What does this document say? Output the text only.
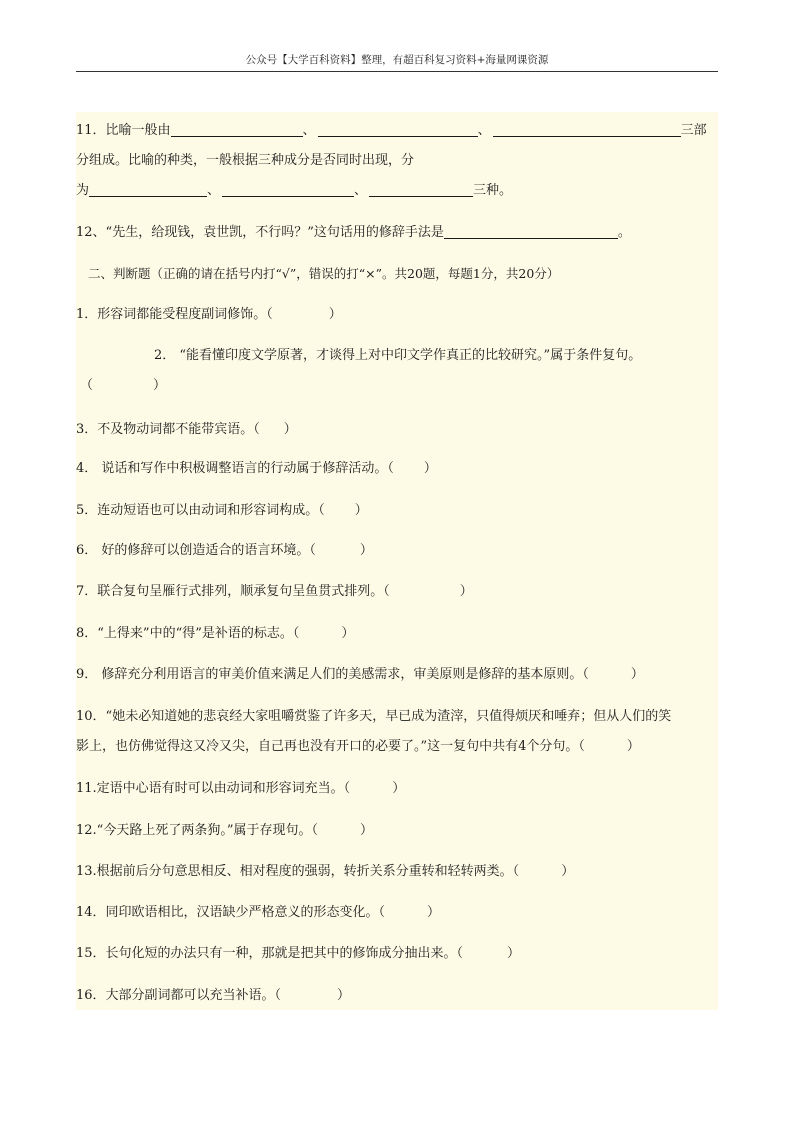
公众号【大学百科资料】整理，有超百科复习资料+海量网课资源
11．比喻一般由	、	、	三部
分组成。比喻的种类，一般根据三种成分是否同时出现，分
为	、	、	三种。
12、“先生，给现钱，袁世凯，不行吗？”这句话用的修辞手法是	。
二、判断题（正确的请在括号内打“√”，错误的打“×”。共20题，每题1分，共20分）
1．形容词都能受程度副词修饰。（	）
2． “能看懂印度文学原著，才谈得上对中印文学作真正的比较研究。”属于条件复句。
（	）
3．不及物动词都不能带宾语。（ ）
4． 说话和写作中积极调整语言的行动属于修辞活动。（ ）
5．连动短语也可以由动词和形容词构成。（ ）
6． 好的修辞可以创造适合的语言环境。（	）
7．联合复句呈雁行式排列，顺承复句呈鱼贯式排列。（	）
8．“上得来”中的“得”是补语的标志。（	）
9． 修辞充分利用语言的审美价值来满足人们的美感需求，审美原则是修辞的基本原则。（	）
10．“她未必知道她的悲哀经大家咀嚼赏鉴了许多天，早已成为渣滓，只值得烦厌和唾弃；但从人们的笑
影上，也仿佛觉得这又冷又尖，自己再也没有开口的必要了。”这一复句中共有4个分句。（	）
11.定语中心语有时可以由动词和形容词充当。（	）
12.“今天路上死了两条狗。”属于存现句。（	）
13.根据前后分句意思相反、相对程度的强弱，转折关系分重转和轻转两类。（	）
14．同印欧语相比，汉语缺少严格意义的形态变化。（	）
15．长句化短的办法只有一种，那就是把其中的修饰成分抽出来。（	）
16．大部分副词都可以充当补语。（	）
